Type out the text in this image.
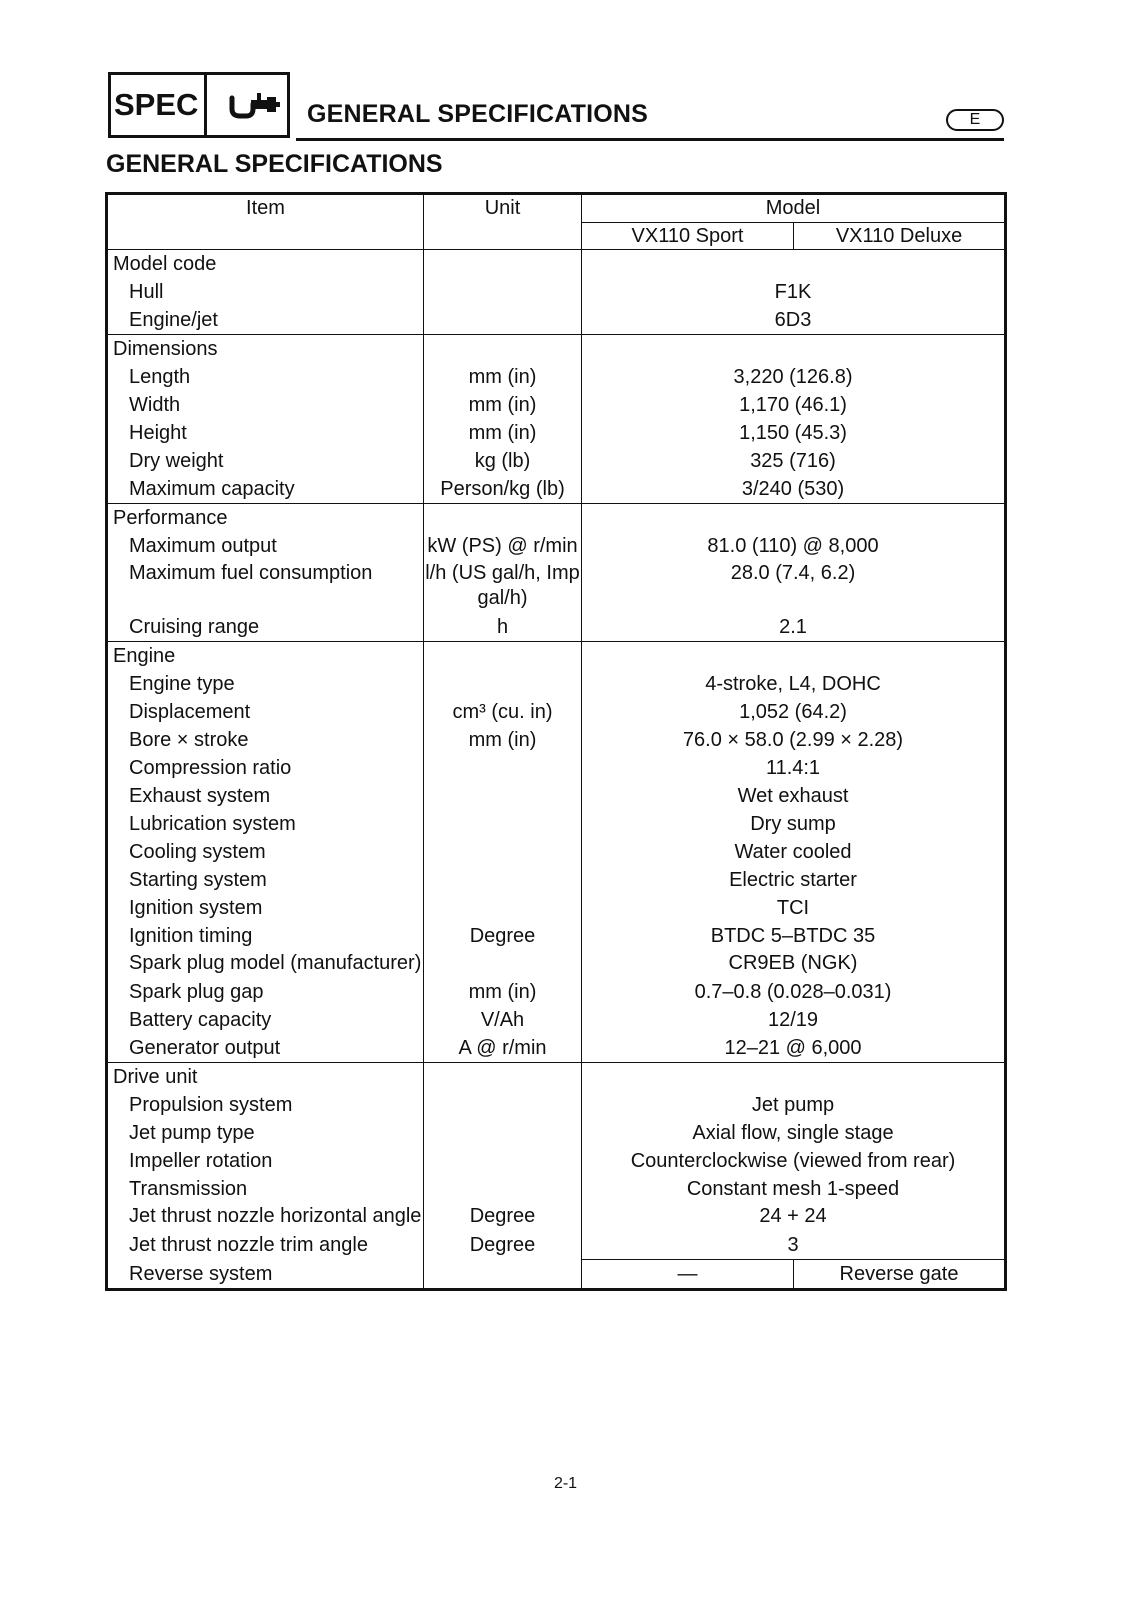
SPEC	GENERAL SPECIFICATIONS	E
GENERAL SPECIFICATIONS
Item	Unit	Model	
		VX110 Sport	VX110 Deluxe
Model code			
Hull		F1K	
Engine/jet		6D3	
Dimensions			
Length	mm (in)	3,220 (126.8)	
Width	mm (in)	1,170 (46.1)	
Height	mm (in)	1,150 (45.3)	
Dry weight	kg (lb)	325 (716)	
Maximum capacity	Person/kg (lb)	3/240 (530)	
Performance			
Maximum output	kW (PS) @ r/min	81.0 (110) @ 8,000	
Maximum fuel consumption	l/h (US gal/h, Imp gal/h)	28.0 (7.4, 6.2)	
Cruising range	h	2.1	
Engine			
Engine type		4-stroke, L4, DOHC	
Displacement	cm³ (cu. in)	1,052 (64.2)	
Bore × stroke	mm (in)	76.0 × 58.0 (2.99 × 2.28)	
Compression ratio		11.4:1	
Exhaust system		Wet exhaust	
Lubrication system		Dry sump	
Cooling system		Water cooled	
Starting system		Electric starter	
Ignition system		TCI	
Ignition timing	Degree	BTDC 5–BTDC 35	
Spark plug model (manufacturer)		CR9EB (NGK)	
Spark plug gap	mm (in)	0.7–0.8 (0.028–0.031)	
Battery capacity	V/Ah	12/19	
Generator output	A @ r/min	12–21 @ 6,000	
Drive unit			
Propulsion system		Jet pump	
Jet pump type		Axial flow, single stage	
Impeller rotation		Counterclockwise (viewed from rear)	
Transmission		Constant mesh 1-speed	
Jet thrust nozzle horizontal angle	Degree	24 + 24	
Jet thrust nozzle trim angle	Degree	3	
Reverse system		—	Reverse gate
2-1
